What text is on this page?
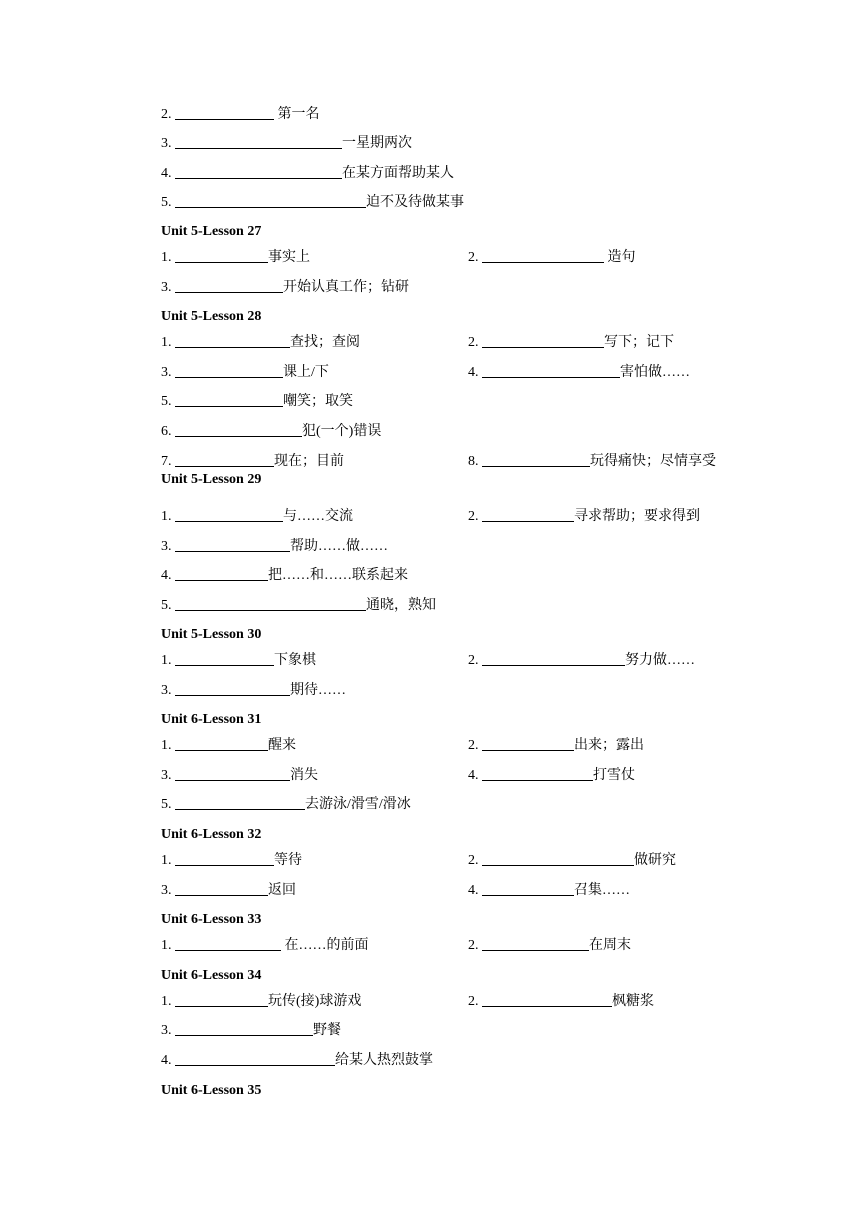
2.	第一名
3.	一星期两次
4.	在某方面帮助某人
5.	迫不及待做某事
Unit 5-Lesson 27
1.	事实上	2.	造句
3.	开始认真工作；钻研
Unit 5-Lesson 28
1.	查找；查阅	2.	写下；记下
3.	课上/下	4.	害怕做……
5.	嘲笑；取笑
6.	犯(一个)错误
7.	现在；目前	8.	玩得痛快；尽情享受
Unit 5-Lesson 29
1.	与……交流	2.	寻求帮助；要求得到
3.	帮助……做……
4.	把……和……联系起来
5.	通晓，熟知
Unit 5-Lesson 30
1.	下象棋	2.	努力做……
3.	期待……
Unit 6-Lesson 31
1.	醒来	2.	出来；露出
3.	消失	4.	打雪仗
5.	去游泳/滑雪/滑冰
Unit 6-Lesson 32
1.	等待	2.	做研究
3.	返回	4.	召集……
Unit 6-Lesson 33
1.	在……的前面	2.	在周末
Unit 6-Lesson 34
1.	玩传(接)球游戏	2.	枫糖浆
3.	野餐
4.	给某人热烈鼓掌
Unit 6-Lesson 35
